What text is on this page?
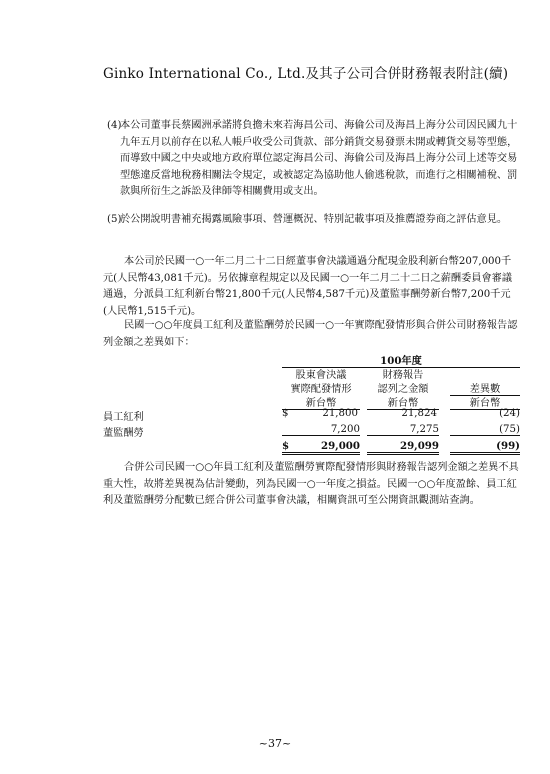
Ginko International Co., Ltd.及其子公司合併財務報表附註(續)
(4)
本公司董事長蔡國洲承諾將負擔未來若海昌公司、海倫公司及海昌上海分公司因民國九十九年五月以前存在以私人帳戶收受公司貨款、部分銷貨交易發票未開或轉貨交易等型態，而導致中國之中央或地方政府單位認定海昌公司、海倫公司及海昌上海分公司上述等交易型態違反當地稅務相關法令規定，或被認定為協助他人偷逃稅款，而進行之相關補稅、罰款與所衍生之訴訟及律師等相關費用或支出。
(5)
於公開說明書補充揭露風險事項、營運概況、特別記載事項及推薦證券商之評估意見。

本公司於民國一○一年二月二十二日經董事會決議通過分配現金股利新台幣207,000千元(人民幣43,081千元)。另依據章程規定以及民國一○一年二月二十二日之薪酬委員會審議通過，分派員工紅利新台幣21,800千元(人民幣4,587千元)及董監事酬勞新台幣7,200千元(人民幣1,515千元)。

民國一○○年度員工紅利及董監酬勞於民國一○一年實際配發情形與合併公司財務報告認列金額之差異如下：

100年度
股東會決議
實際配發情形
財務報告
認列之金額	差異數
新台幣	新台幣	新台幣
員工紅利	$	21,800	21,824	(24)
董監酬勞	7,200	7,275	(75)
$	29,000	29,099	(99)

合併公司民國一○○年員工紅利及董監酬勞實際配發情形與財務報告認列金額之差異不具重大性，故將差異視為估計變動，列為民國一○一年度之損益。民國一○○年度盈餘、員工紅利及董監酬勞分配數已經合併公司董事會決議，相關資訊可至公開資訊觀測站查詢。

~37~
